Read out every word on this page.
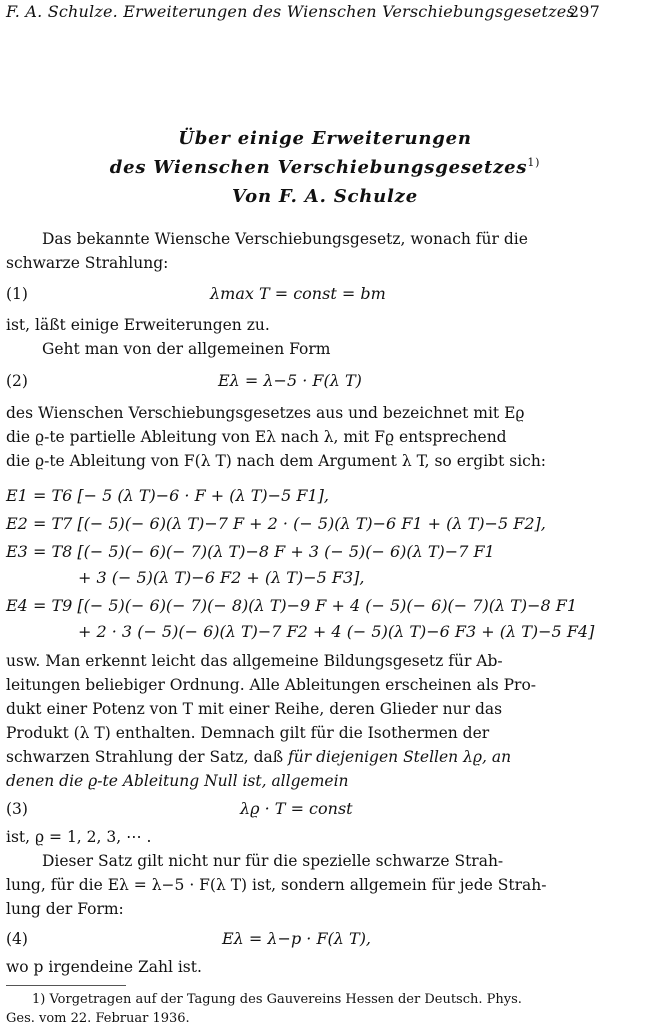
F. A. Schulze. Erweiterungen des Wienschen Verschiebungsgesetzes
297
Über einige Erweiterungen
des Wienschen Verschiebungsgesetzes$^{1)}$
Von F. A. Schulze
Das bekannte Wiensche Verschiebungsgesetz, wonach für die
schwarze Strahlung:
(1)	λmax T = const = bm
ist, läßt einige Erweiterungen zu.
Geht man von der allgemeinen Form
(2)	Eλ = λ−5 · F(λ T)
des Wienschen Verschiebungsgesetzes aus und bezeichnet mit Eϱ
die ϱ-te partielle Ableitung von Eλ nach λ, mit Fϱ entsprechend
die ϱ-te Ableitung von F(λ T) nach dem Argument λ T, so ergibt sich:
E1 = T6 [− 5 (λ T)−6 · F + (λ T)−5 F1],
E2 = T7 [(− 5)(− 6)(λ T)−7 F + 2 · (− 5)(λ T)−6 F1 + (λ T)−5 F2],
E3 = T8 [(− 5)(− 6)(− 7)(λ T)−8 F + 3 (− 5)(− 6)(λ T)−7 F1
+ 3 (− 5)(λ T)−6 F2 + (λ T)−5 F3],
E4 = T9 [(− 5)(− 6)(− 7)(− 8)(λ T)−9 F + 4 (− 5)(− 6)(− 7)(λ T)−8 F1
+ 2 · 3 (− 5)(− 6)(λ T)−7 F2 + 4 (− 5)(λ T)−6 F3 + (λ T)−5 F4]
usw. Man erkennt leicht das allgemeine Bildungsgesetz für Ab-
leitungen beliebiger Ordnung. Alle Ableitungen erscheinen als Pro-
dukt einer Potenz von T mit einer Reihe, deren Glieder nur das
Produkt (λ T) enthalten. Demnach gilt für die Isothermen der
schwarzen Strahlung der Satz, daß für diejenigen Stellen λϱ, an
denen die ϱ-te Ableitung Null ist, allgemein
(3)	λϱ · T = const
ist, ϱ = 1, 2, 3, ⋯ .
Dieser Satz gilt nicht nur für die spezielle schwarze Strah-
lung, für die Eλ = λ−5 · F(λ T) ist, sondern allgemein für jede Strah-
lung der Form:
(4)	Eλ = λ−p · F(λ T),
wo p irgendeine Zahl ist.
1) Vorgetragen auf der Tagung des Gauvereins Hessen der Deutsch. Phys.
Ges. vom 22. Februar 1936.
